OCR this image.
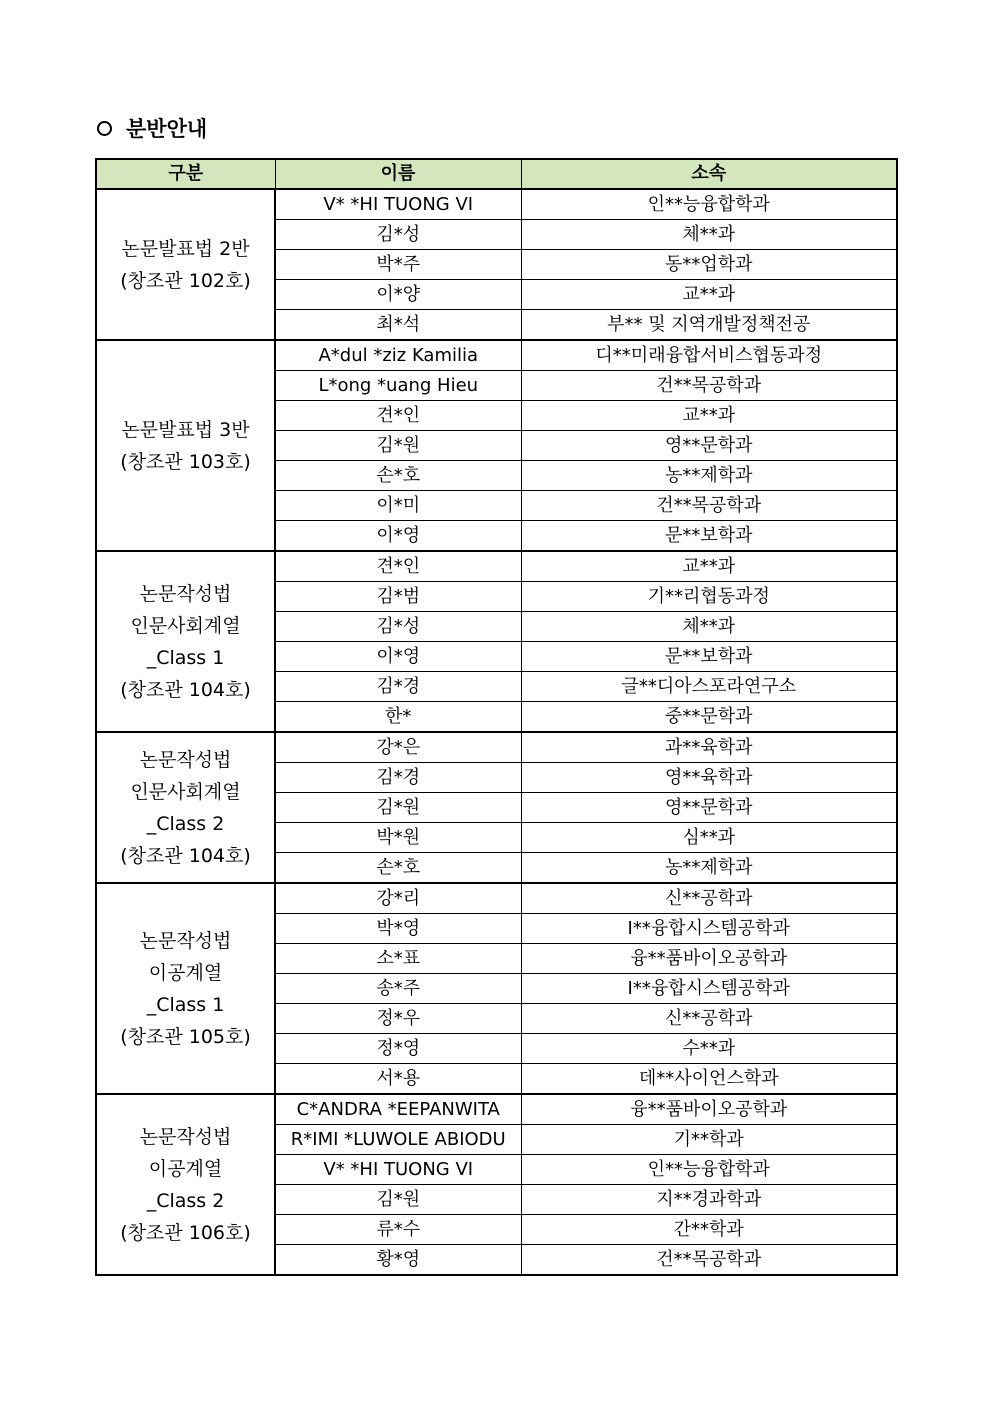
분반안내
구분	이름	소속

논문발표법 2반
(창조관 102호)	V* *HI TUONG VI	인**능융합학과
	김*성	체**과
	박*주	동**업학과
	이*양	교**과
	최*석	부** 및 지역개발정책전공

논문발표법 3반
(창조관 103호)	A*dul *ziz Kamilia	디**미래융합서비스협동과정
	L*ong *uang Hieu	건**목공학과
	견*인	교**과
	김*원	영**문학과
	손*호	농**제학과
	이*미	건**목공학과
	이*영	문**보학과

논문작성법
인문사회계열
_Class 1
(창조관 104호)	견*인	교**과
	김*범	기**리협동과정
	김*성	체**과
	이*영	문**보학과
	김*경	글**디아스포라연구소
	한*	중**문학과

논문작성법
인문사회계열
_Class 2
(창조관 104호)	강*은	과**육학과
	김*경	영**육학과
	김*원	영**문학과
	박*원	심**과
	손*호	농**제학과

논문작성법
이공계열
_Class 1
(창조관 105호)	강*리	신**공학과
	박*영	I**융합시스템공학과
	소*표	융**품바이오공학과
	송*주	I**융합시스템공학과
	정*우	신**공학과
	정*영	수**과
	서*용	데**사이언스학과

논문작성법
이공계열
_Class 2
(창조관 106호)	C*ANDRA *EEPANWITA	융**품바이오공학과
	R*IMI *LUWOLE ABIODU	기**학과
	V* *HI TUONG VI	인**능융합학과
	김*원	지**경과학과
	류*수	간**학과
	황*영	건**목공학과
